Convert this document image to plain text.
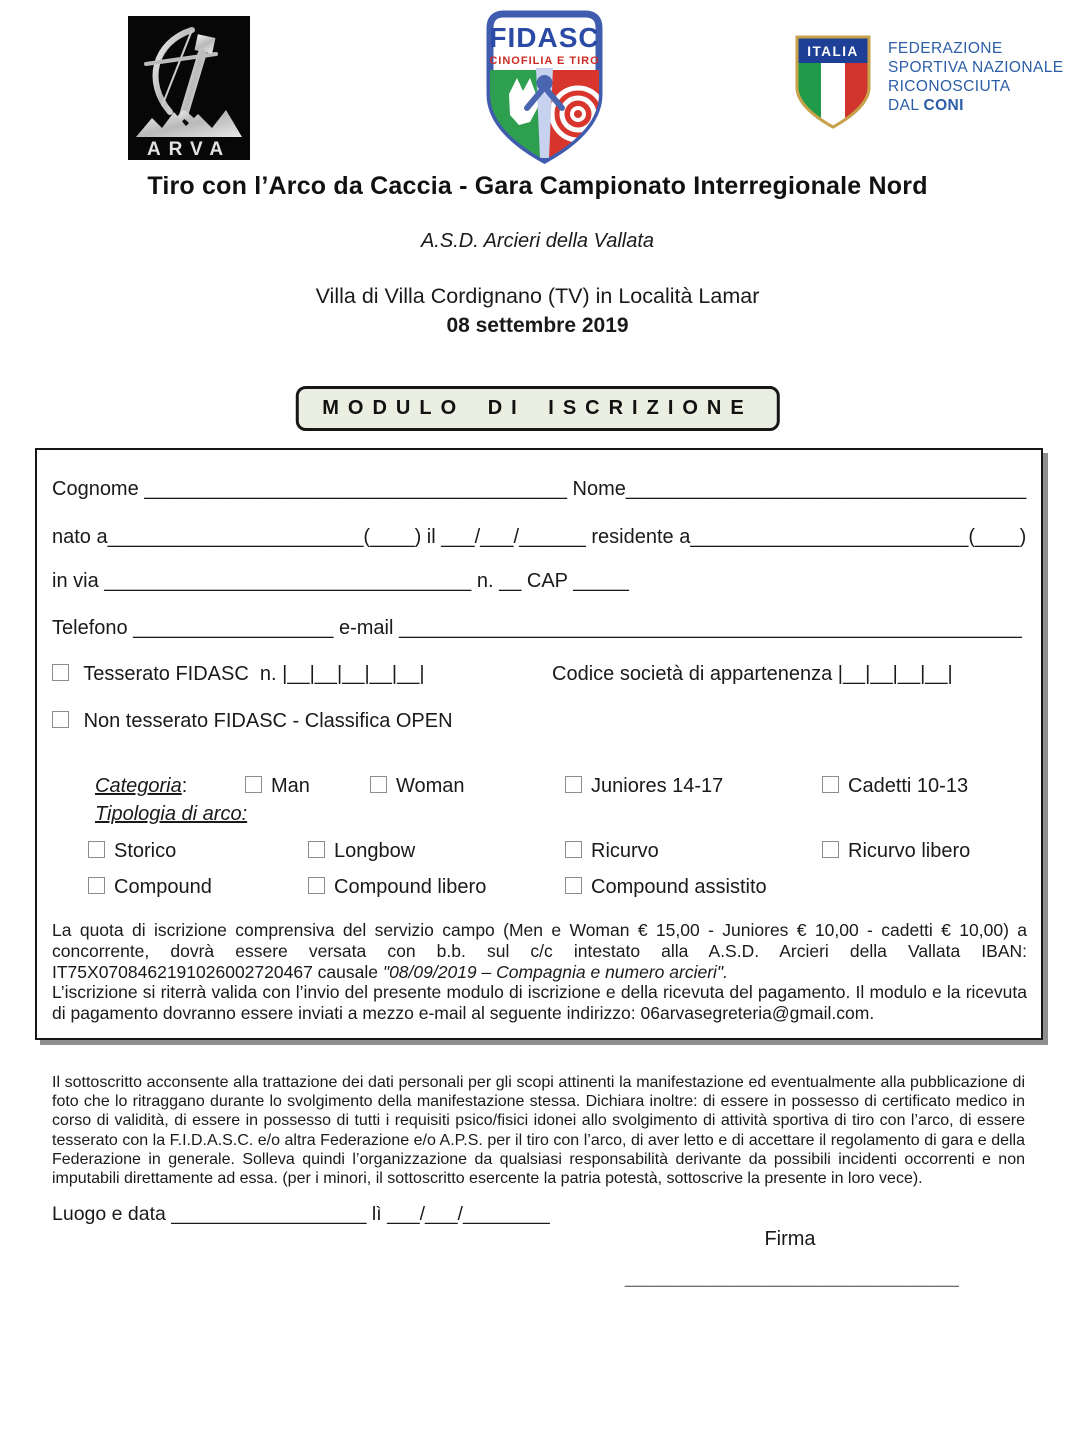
ARVA
FIDASC
CINOFILIA E TIRO
ITALIA FEDERAZIONE
SPORTIVA NAZIONALE
RICONOSCIUTA
DAL CONI
Tiro con l’Arco da Caccia - Gara Campionato Interregionale Nord
A.S.D. Arcieri della Vallata
Villa di Villa Cordignano (TV) in Località Lamar
08 settembre 2019
MODULO DI ISCRIZIONE
Cognome ______________________________________ Nome____________________________________
nato a_______________________(____) il ___/___/______ residente a_________________________(____)
in via _________________________________ n. __ CAP _____
Telefono __________________ e-mail ________________________________________________________
Tesserato FIDASC  n. |__|__|__|__|__|	Codice società di appartenenza |__|__|__|__|
Non tesserato FIDASC - Classifica OPEN
Categoria:	Man	Woman	Juniores 14-17	Cadetti 10-13
Tipologia di arco:
Storico	Longbow	Ricurvo	Ricurvo libero
Compound	Compound libero	Compound assistito

La quota di iscrizione comprensiva del servizio campo (Men e Woman € 15,00 - Juniores € 10,00 - cadetti € 10,00) a concorrente, dovrà essere versata con b.b. sul c/c intestato alla A.S.D. Arcieri della Vallata IBAN: IT75X0708462191026002720467 causale "08/09/2019 – Compagnia e numero arcieri".

L’iscrizione si riterrà valida con l’invio del presente modulo di iscrizione e della ricevuta del pagamento. Il modulo e la ricevuta di pagamento dovranno essere inviati a mezzo e-mail al seguente indirizzo: 06arvasegreteria@gmail.com.

Il sottoscritto acconsente alla trattazione dei dati personali per gli scopi attinenti la manifestazione ed eventualmente alla pubblicazione di foto che lo ritraggano durante lo svolgimento della manifestazione stessa. Dichiara inoltre: di essere in possesso di certificato medico in corso di validità, di essere in possesso di tutti i requisiti psico/fisici idonei allo svolgimento di attività sportiva di tiro con l’arco, di essere tesserato con la F.I.D.A.S.C. e/o altra Federazione e/o A.P.S. per il tiro con l’arco, di aver letto e di accettare il regolamento di gara e della Federazione in generale. Solleva quindi l’organizzazione da qualsiasi responsabilità derivante da possibili incidenti occorrenti e non imputabili direttamente ad essa. (per i minori, il sottoscritto esercente la patria potestà, sottoscrive la presente in loro vece).

Luogo e data __________________ lì ___/___/________
Firma
______________________________
